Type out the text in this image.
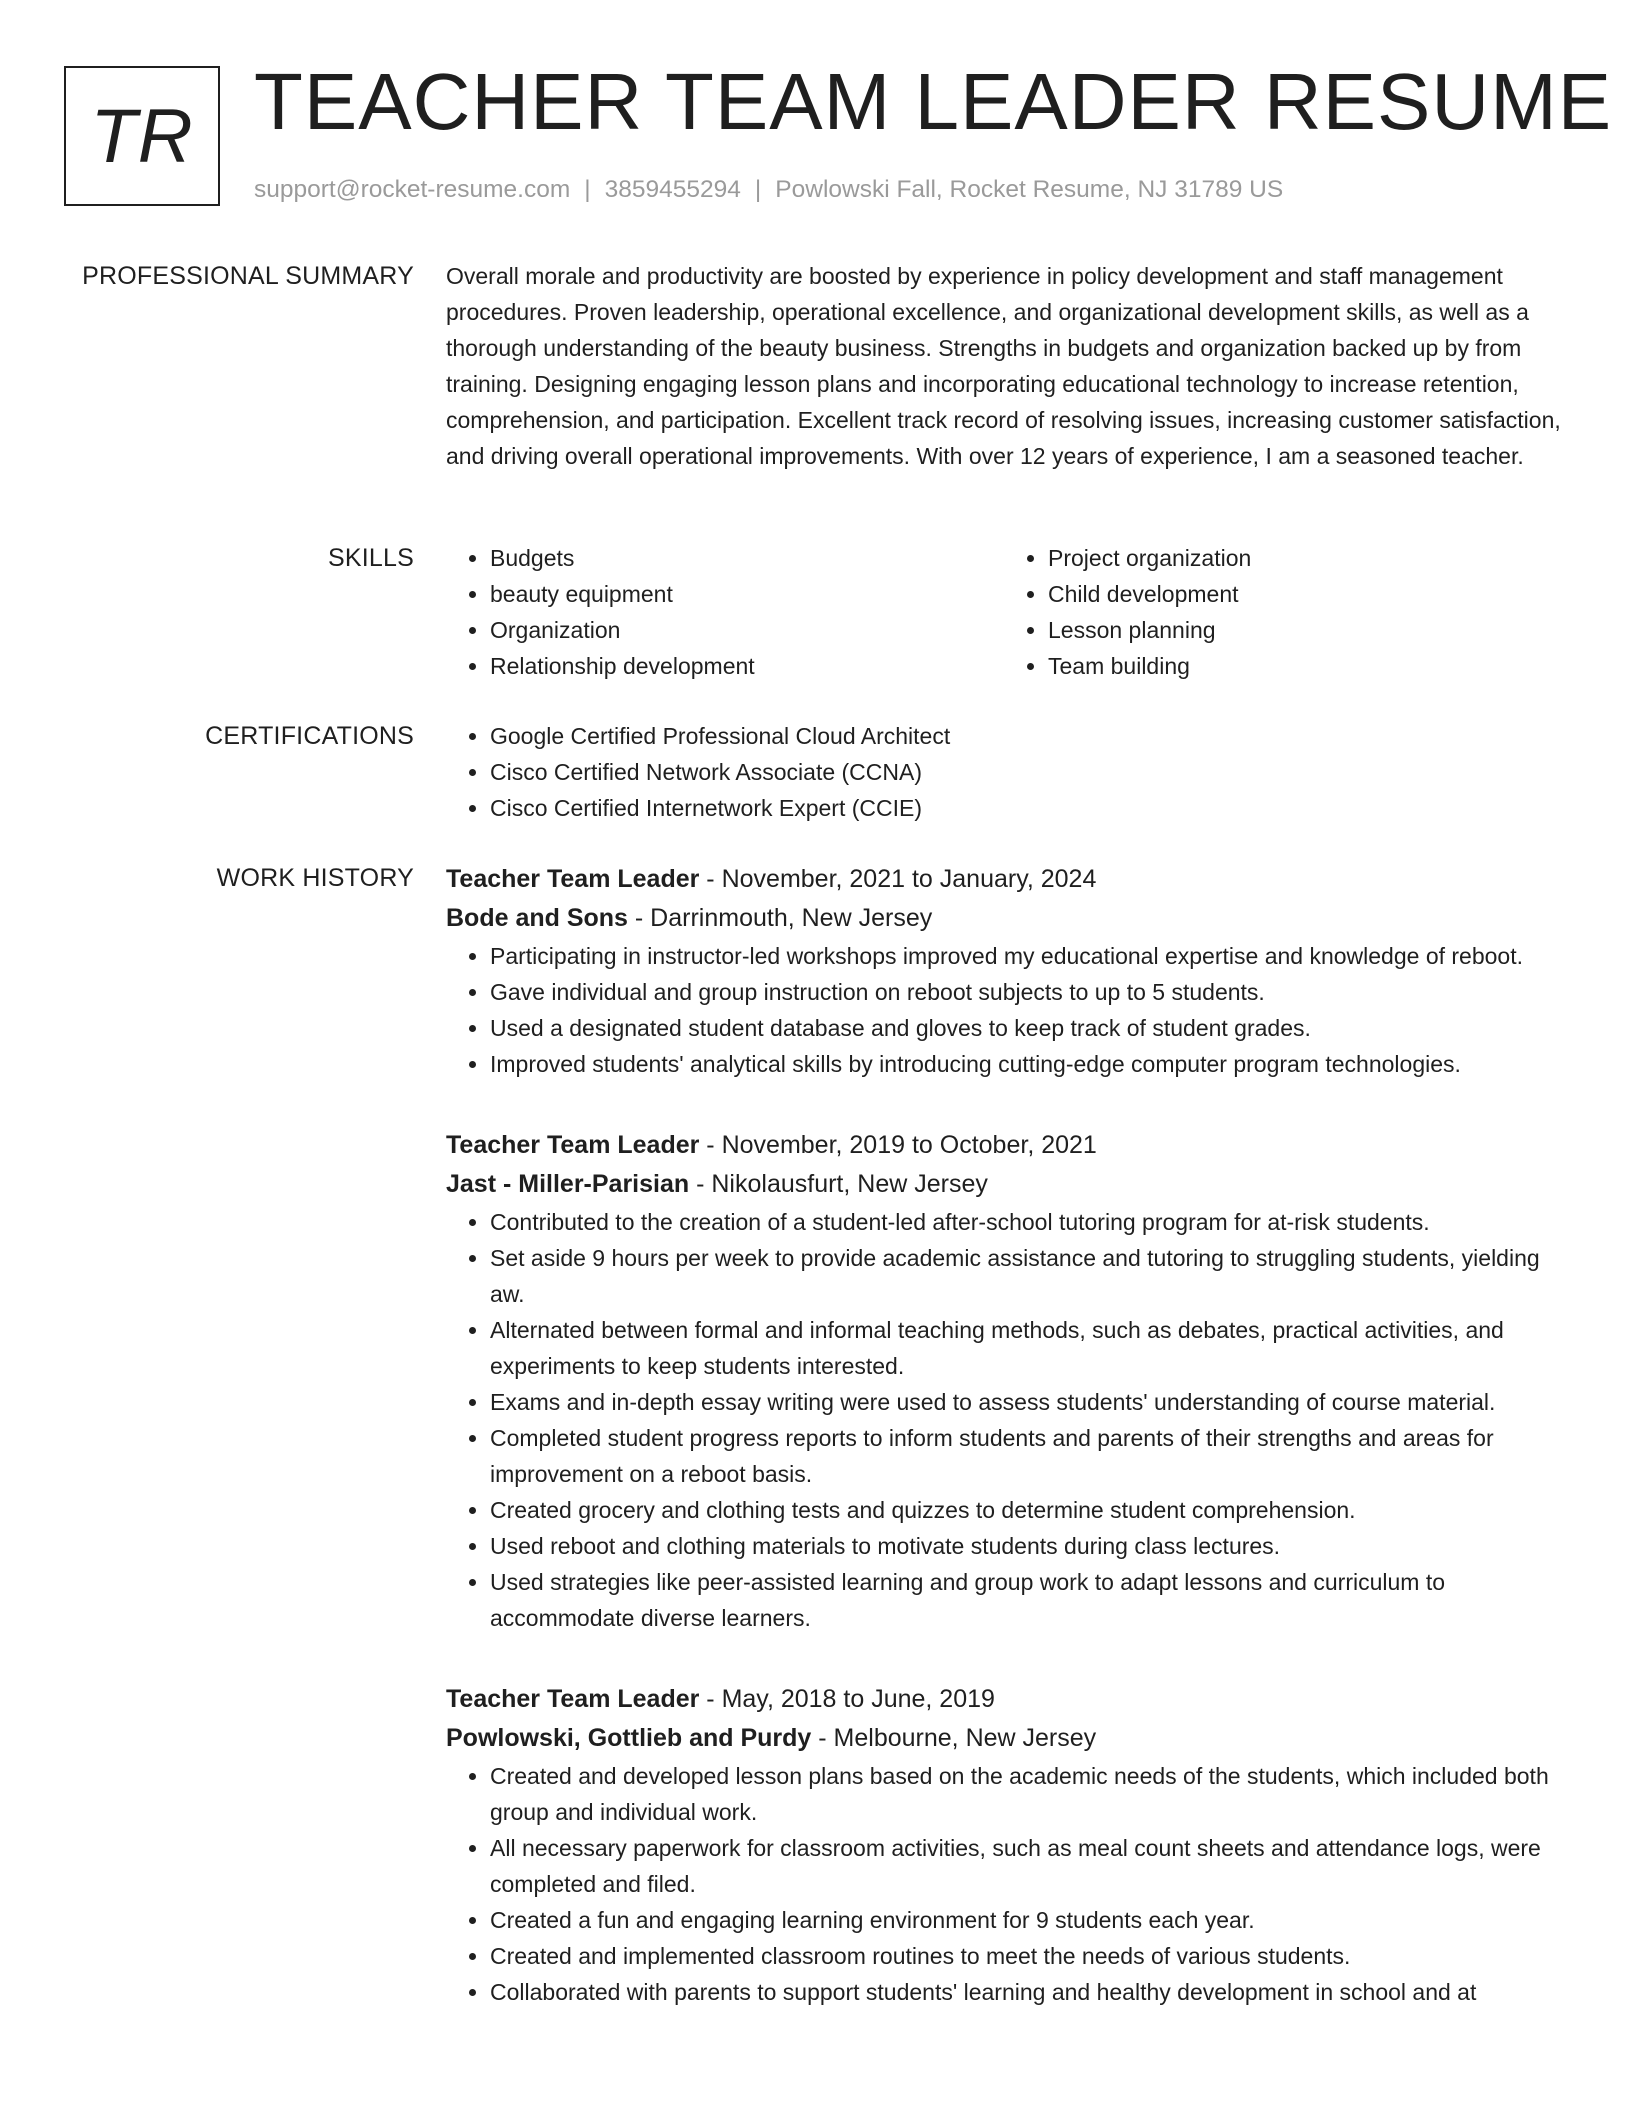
TR TEACHER TEAM LEADER RESUME
support@rocket-resume.com | 3859455294 | Powlowski Fall, Rocket Resume, NJ 31789 US
PROFESSIONAL SUMMARY Overall morale and productivity are boosted by experience in policy development and staff management procedures. Proven leadership, operational excellence, and organizational development skills, as well as a thorough understanding of the beauty business. Strengths in budgets and organization backed up by from training. Designing engaging lesson plans and incorporating educational technology to increase retention, comprehension, and participation. Excellent track record of resolving issues, increasing customer satisfaction, and driving overall operational improvements. With over 12 years of experience, I am a seasoned teacher.

SKILLS	• Budgets
• beauty equipment
• Organization
• Relationship development
• Project organization
• Child development
• Lesson planning
• Team building
CERTIFICATIONS	• Google Certified Professional Cloud Architect
• Cisco Certified Network Associate (CCNA)
• Cisco Certified Internetwork Expert (CCIE)
WORK HISTORY Teacher Team Leader - November, 2021 to January, 2024
Bode and Sons - Darrinmouth, New Jersey
• Participating in instructor-led workshops improved my educational expertise and knowledge of reboot.
• Gave individual and group instruction on reboot subjects to up to 5 students.
• Used a designated student database and gloves to keep track of student grades.
• Improved students' analytical skills by introducing cutting-edge computer program technologies.
Teacher Team Leader - November, 2019 to October, 2021
Jast - Miller-Parisian - Nikolausfurt, New Jersey
• Contributed to the creation of a student-led after-school tutoring program for at-risk students.
• Set aside 9 hours per week to provide academic assistance and tutoring to struggling students, yielding aw.
• Alternated between formal and informal teaching methods, such as debates, practical activities, and experiments to keep students interested.
• Exams and in-depth essay writing were used to assess students' understanding of course material.
• Completed student progress reports to inform students and parents of their strengths and areas for improvement on a reboot basis.
• Created grocery and clothing tests and quizzes to determine student comprehension.
• Used reboot and clothing materials to motivate students during class lectures.
• Used strategies like peer-assisted learning and group work to adapt lessons and curriculum to accommodate diverse learners.
Teacher Team Leader - May, 2018 to June, 2019
Powlowski, Gottlieb and Purdy - Melbourne, New Jersey
• Created and developed lesson plans based on the academic needs of the students, which included both group and individual work.
• All necessary paperwork for classroom activities, such as meal count sheets and attendance logs, were completed and filed.
• Created a fun and engaging learning environment for 9 students each year.
• Created and implemented classroom routines to meet the needs of various students.
• Collaborated with parents to support students' learning and healthy development in school and at
